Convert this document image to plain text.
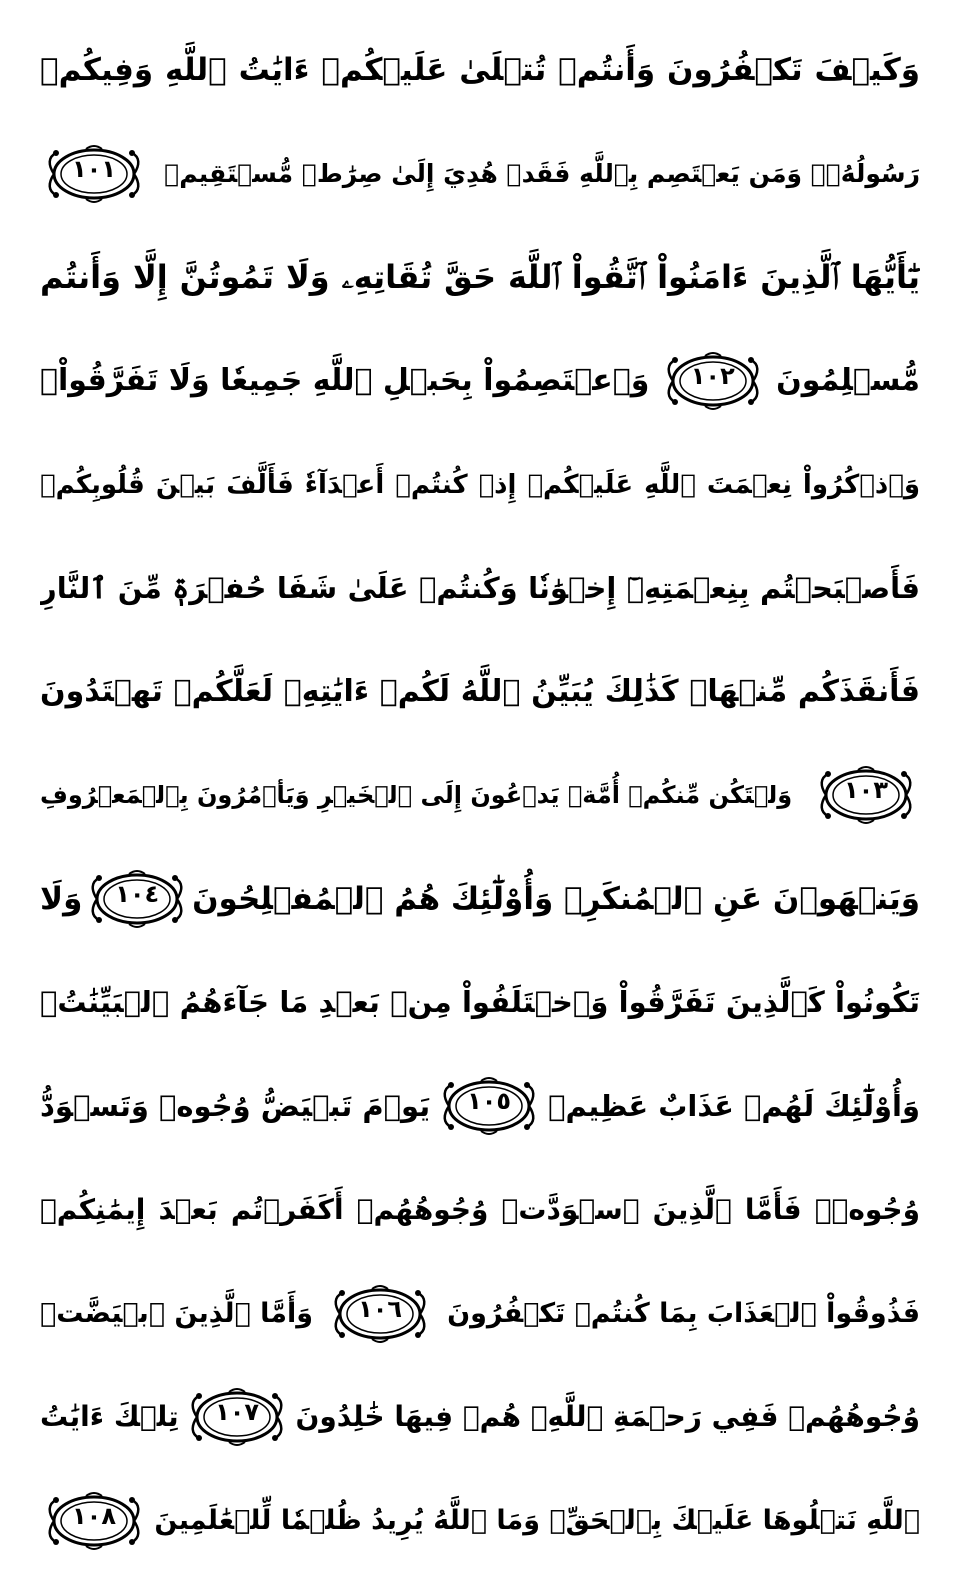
وَكَيۡفَ تَكۡفُرُونَ وَأَنتُمۡ تُتۡلَىٰ عَلَيۡكُمۡ ءَايَٰتُ ٱللَّهِ وَفِيكُمۡ
رَسُولُهُۥۗ وَمَن يَعۡتَصِم بِٱللَّهِ فَقَدۡ هُدِيَ إِلَىٰ صِرَٰطٖ مُّسۡتَقِيمٖ
١٠١
يَٰٓأَيُّهَا ٱلَّذِينَ ءَامَنُواْ ٱتَّقُواْ ٱللَّهَ حَقَّ تُقَاتِهِۦ وَلَا تَمُوتُنَّ إِلَّا وَأَنتُم
مُّسۡلِمُونَ
١٠٢
وَٱعۡتَصِمُواْ بِحَبۡلِ ٱللَّهِ جَمِيعٗا وَلَا تَفَرَّقُواْۚ
وَٱذۡكُرُواْ نِعۡمَتَ ٱللَّهِ عَلَيۡكُمۡ إِذۡ كُنتُمۡ أَعۡدَآءٗ فَأَلَّفَ بَيۡنَ قُلُوبِكُمۡ
فَأَصۡبَحۡتُم بِنِعۡمَتِهِۦٓ إِخۡوَٰنٗا وَكُنتُمۡ عَلَىٰ شَفَا حُفۡرَةٖ مِّنَ ٱلنَّارِ
فَأَنقَذَكُم مِّنۡهَاۗ كَذَٰلِكَ يُبَيِّنُ ٱللَّهُ لَكُمۡ ءَايَٰتِهِۦ لَعَلَّكُمۡ تَهۡتَدُونَ
١٠٣
وَلۡتَكُن مِّنكُمۡ أُمَّةٞ يَدۡعُونَ إِلَى ٱلۡخَيۡرِ وَيَأۡمُرُونَ بِٱلۡمَعۡرُوفِ
وَيَنۡهَوۡنَ عَنِ ٱلۡمُنكَرِۚ وَأُوْلَٰٓئِكَ هُمُ ٱلۡمُفۡلِحُونَ
١٠٤
وَلَا
تَكُونُواْ كَٱلَّذِينَ تَفَرَّقُواْ وَٱخۡتَلَفُواْ مِنۢ بَعۡدِ مَا جَآءَهُمُ ٱلۡبَيِّنَٰتُۚ
وَأُوْلَٰٓئِكَ لَهُمۡ عَذَابٌ عَظِيمٞ
١٠٥
يَوۡمَ تَبۡيَضُّ وُجُوهٞ وَتَسۡوَدُّ
وُجُوهٞۚ فَأَمَّا ٱلَّذِينَ ٱسۡوَدَّتۡ وُجُوهُهُمۡ أَكَفَرۡتُم بَعۡدَ إِيمَٰنِكُمۡ
فَذُوقُواْ ٱلۡعَذَابَ بِمَا كُنتُمۡ تَكۡفُرُونَ
١٠٦
وَأَمَّا ٱلَّذِينَ ٱبۡيَضَّتۡ
وُجُوهُهُمۡ فَفِي رَحۡمَةِ ٱللَّهِۖ هُمۡ فِيهَا خَٰلِدُونَ
١٠٧
تِلۡكَ ءَايَٰتُ
ٱللَّهِ نَتۡلُوهَا عَلَيۡكَ بِٱلۡحَقِّۗ وَمَا ٱللَّهُ يُرِيدُ ظُلۡمٗا لِّلۡعَٰلَمِينَ
١٠٨
